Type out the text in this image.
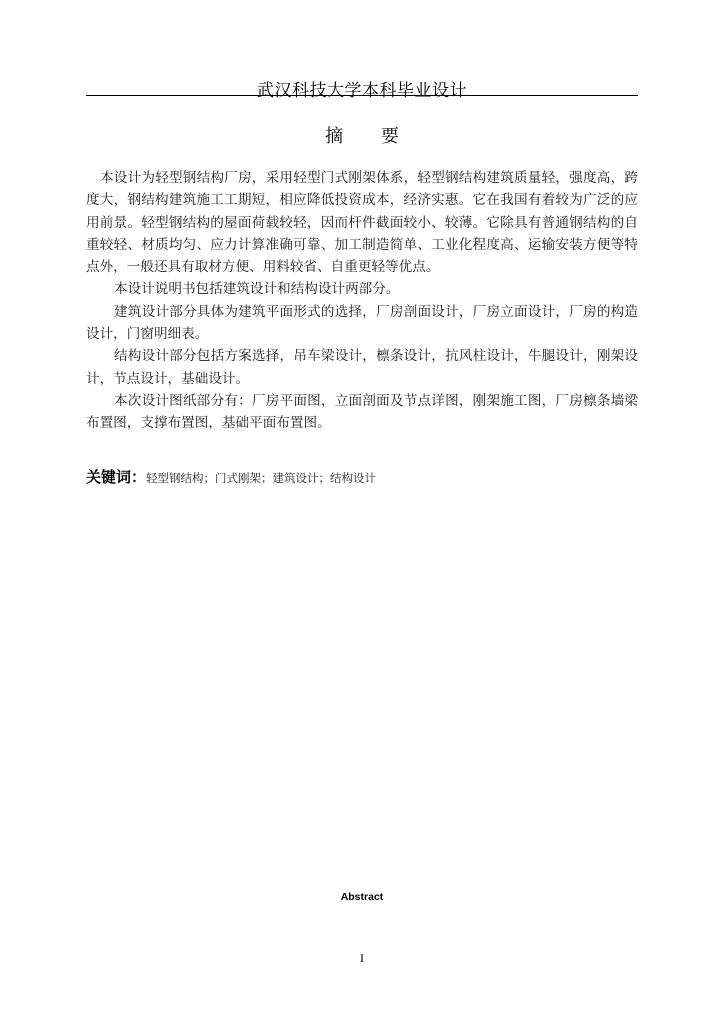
武汉科技大学本科毕业设计
摘 要

本设计为轻型钢结构厂房，采用轻型门式刚架体系，轻型钢结构建筑质量轻，强度高，跨度大，钢结构建筑施工工期短，相应降低投资成本，经济实惠。它在我国有着较为广泛的应用前景。轻型钢结构的屋面荷载较轻，因而杆件截面较小、较薄。它除具有普通钢结构的自重较轻、材质均匀、应力计算准确可靠、加工制造简单、工业化程度高、运输安装方便等特点外，一般还具有取材方便、用料较省、自重更轻等优点。

本设计说明书包括建筑设计和结构设计两部分。

建筑设计部分具体为建筑平面形式的选择，厂房剖面设计，厂房立面设计，厂房的构造设计，门窗明细表。

结构设计部分包括方案选择，吊车梁设计，檩条设计，抗风柱设计，牛腿设计，刚架设计，节点设计，基础设计。

本次设计图纸部分有：厂房平面图，立面剖面及节点详图，刚架施工图，厂房檩条墙梁布置图，支撑布置图，基础平面布置图。

关键词：轻型钢结构；门式刚架；建筑设计；结构设计
Abstract
I
